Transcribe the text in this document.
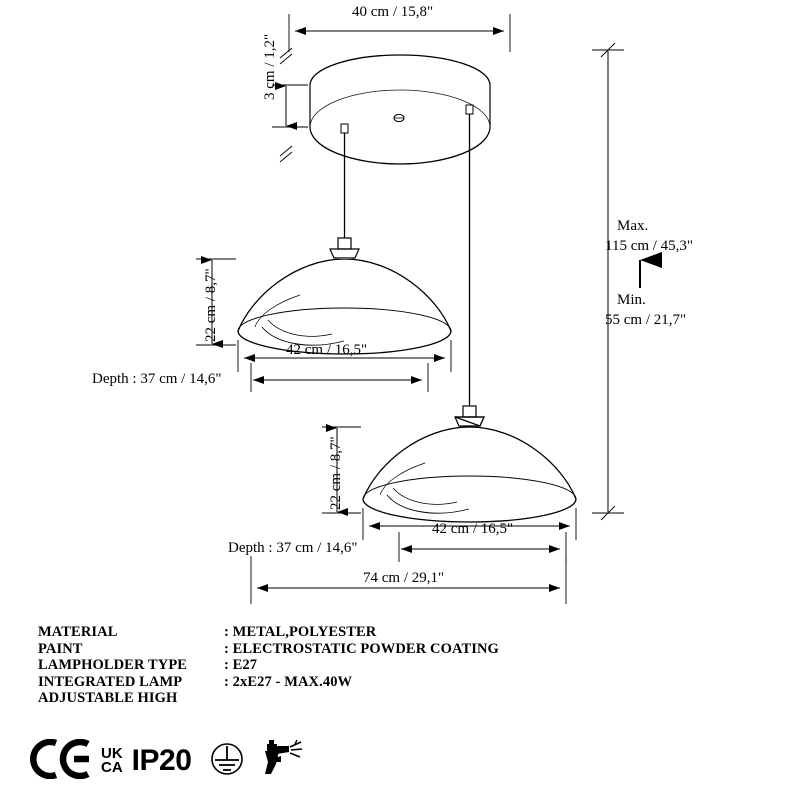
40 cm / 15,8"
3 cm / 1,2"
22 cm / 8,7"
42 cm / 16,5"
Depth : 37 cm / 14,6"
22 cm / 8,7"
42 cm / 16,5"
Depth : 37 cm / 14,6"
74 cm / 29,1"
Max.
115 cm / 45,3"
Min.
55 cm / 21,7"
MATERIAL	: METAL,POLYESTER
PAINT	: ELECTROSTATIC POWDER COATING
LAMPHOLDER TYPE	: E27
INTEGRATED LAMP	: 2xE27 - MAX.40W
ADJUSTABLE HIGH
UK
CA IP20
